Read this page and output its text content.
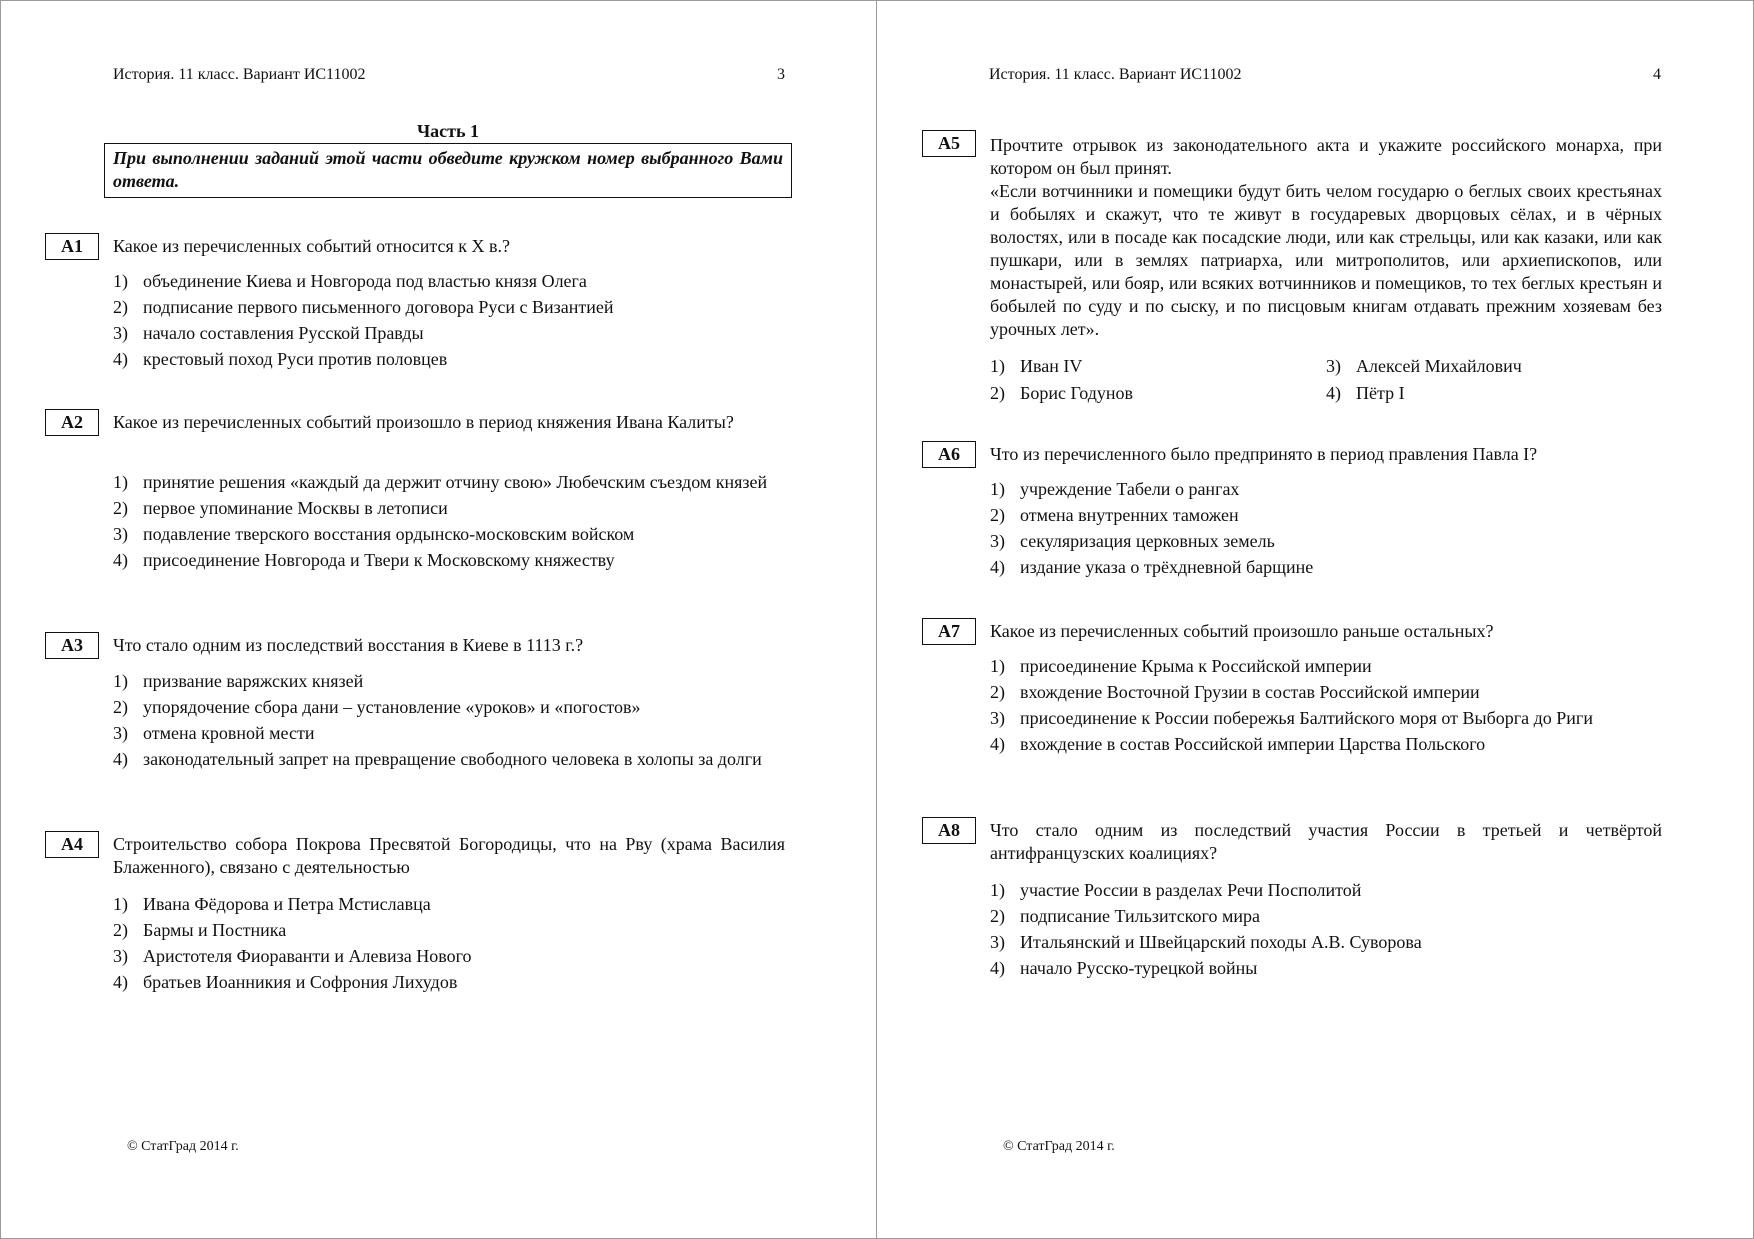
История. 11 класс. Вариант ИС11002	3
Часть 1
При выполнении заданий этой части обведите кружком номер выбранного Вами ответа.
A1	Какое из перечисленных событий относится к X в.?
1) объединение Киева и Новгорода под властью князя Олега
2) подписание первого письменного договора Руси с Византией
3) начало составления Русской Правды
4) крестовый поход Руси против половцев
A2	Какое из перечисленных событий произошло в период княжения Ивана Калиты?
1) принятие решения «каждый да держит отчину свою» Любечским съездом князей
2) первое упоминание Москвы в летописи
3) подавление тверского восстания ордынско-московским войском
4) присоединение Новгорода и Твери к Московскому княжеству
A3	Что стало одним из последствий восстания в Киеве в 1113 г.?
1) призвание варяжских князей
2) упорядочение сбора дани – установление «уроков» и «погостов»
3) отмена кровной мести
4) законодательный запрет на превращение свободного человека в холопы за долги
A4	Строительство собора Покрова Пресвятой Богородицы, что на Рву (храма Василия Блаженного), связано с деятельностью
1) Ивана Фёдорова и Петра Мстиславца
2) Бармы и Постника
3) Аристотеля Фиораванти и Алевиза Нового
4) братьев Иоанникия и Софрония Лихудов
© СтатГрад 2014 г.
История. 11 класс. Вариант ИС11002	4
A5	Прочтите отрывок из законодательного акта и укажите российского монарха, при котором он был принят.
«Если вотчинники и помещики будут бить челом государю о беглых своих крестьянах и бобылях и скажут, что те живут в государевых дворцовых сёлах, и в чёрных волостях, или в посаде как посадские люди, или как стрельцы, или как казаки, или как пушкари, или в землях патриарха, или митрополитов, или архиепископов, или монастырей, или бояр, или всяких вотчинников и помещиков, то тех беглых крестьян и бобылей по суду и по сыску, и по писцовым книгам отдавать прежним хозяевам без урочных лет».
1) Иван IV
2) Борис Годунов
3) Алексей Михайлович
4) Пётр I
A6	Что из перечисленного было предпринято в период правления Павла I?
1) учреждение Табели о рангах
2) отмена внутренних таможен
3) секуляризация церковных земель
4) издание указа о трёхдневной барщине
A7	Какое из перечисленных событий произошло раньше остальных?
1) присоединение Крыма к Российской империи
2) вхождение Восточной Грузии в состав Российской империи
3) присоединение к России побережья Балтийского моря от Выборга до Риги
4) вхождение в состав Российской империи Царства Польского
A8	Что стало одним из последствий участия России в третьей и четвёртой антифранцузских коалициях?
1) участие России в разделах Речи Посполитой
2) подписание Тильзитского мира
3) Итальянский и Швейцарский походы А.В. Суворова
4) начало Русско-турецкой войны
© СтатГрад 2014 г.
